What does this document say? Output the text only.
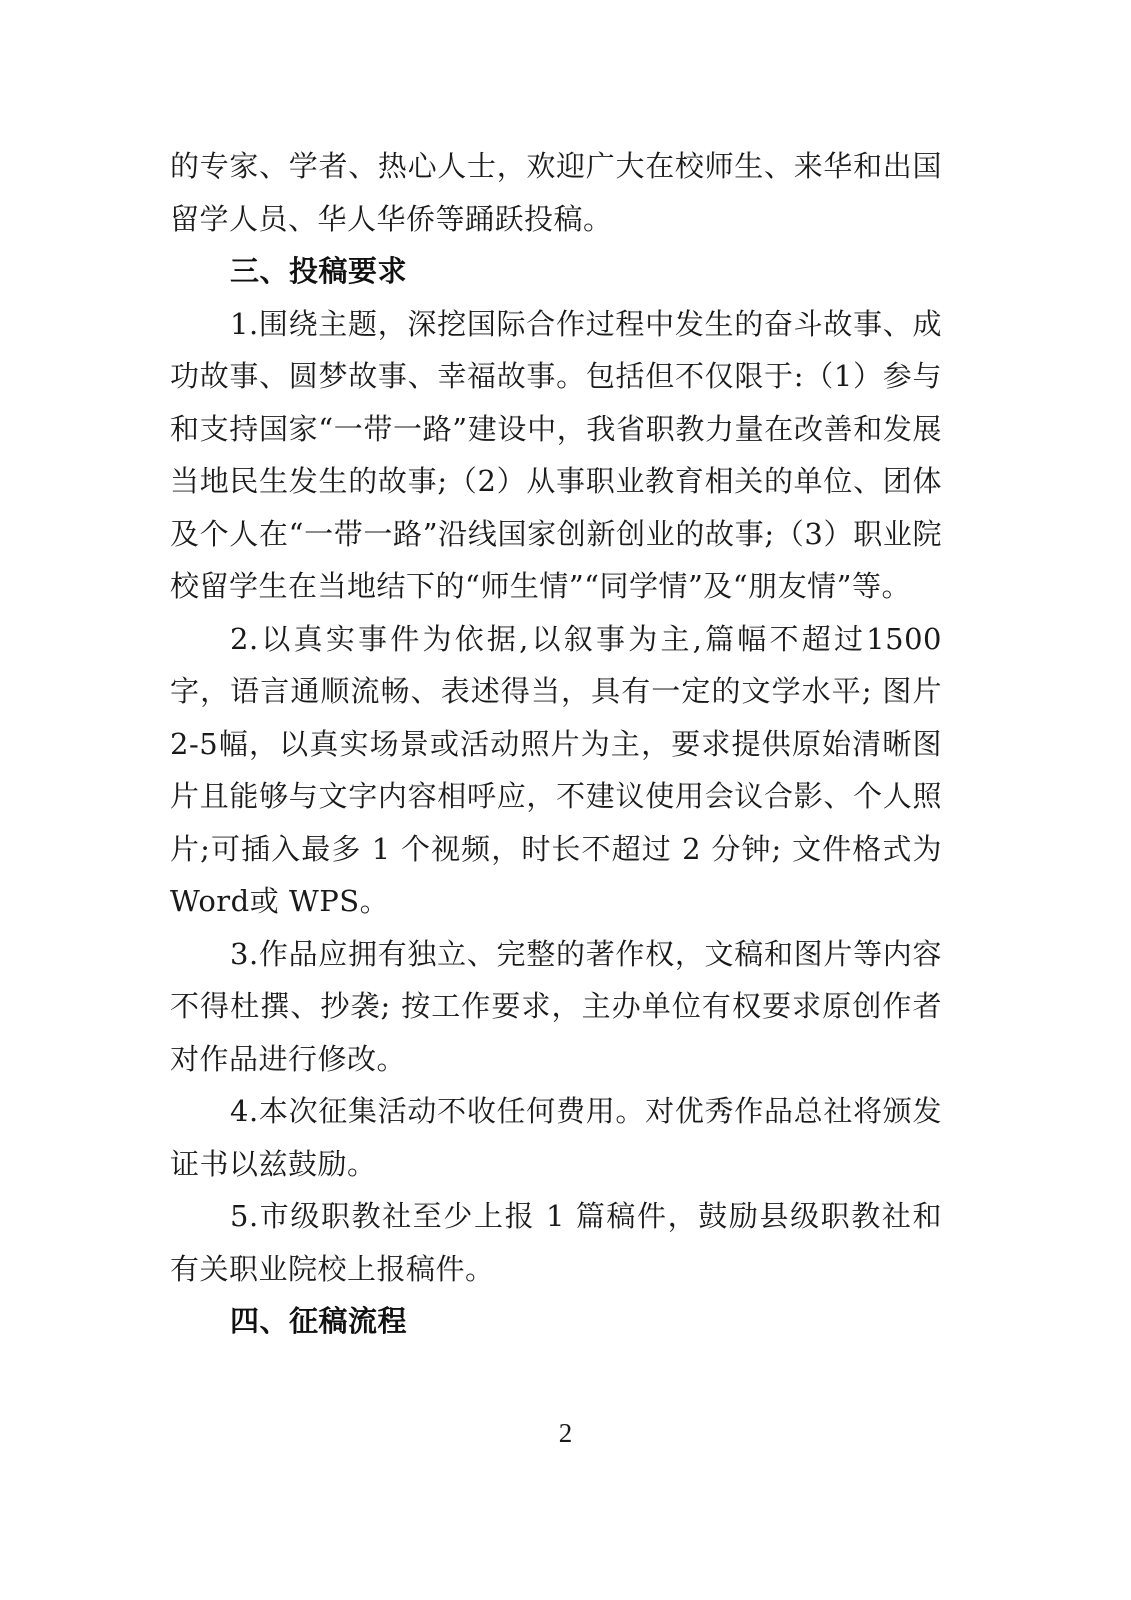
的专家、学者、热心人士，欢迎广大在校师生、来华和出国留学人员、华人华侨等踊跃投稿。

三、投稿要求

1.围绕主题，深挖国际合作过程中发生的奋斗故事、成功故事、圆梦故事、幸福故事。包括但不仅限于:（1）参与和支持国家“一带一路”建设中，我省职教力量在改善和发展当地民生发生的故事;（2）从事职业教育相关的单位、团体及个人在“一带一路”沿线国家创新创业的故事;（3）职业院校留学生在当地结下的“师生情”“同学情”及“朋友情”等。

2.以真实事件为依据,以叙事为主,篇幅不超过1500字，语言通顺流畅、表述得当，具有一定的文学水平; 图片 2-5幅，以真实场景或活动照片为主，要求提供原始清晰图片且能够与文字内容相呼应，不建议使用会议合影、个人照片;可插入最多 1 个视频，时长不超过 2 分钟; 文件格式为 Word或 WPS。

3.作品应拥有独立、完整的著作权，文稿和图片等内容不得杜撰、抄袭; 按工作要求，主办单位有权要求原创作者对作品进行修改。

4.本次征集活动不收任何费用。对优秀作品总社将颁发证书以兹鼓励。

5.市级职教社至少上报 1 篇稿件，鼓励县级职教社和有关职业院校上报稿件。

四、征稿流程

2
